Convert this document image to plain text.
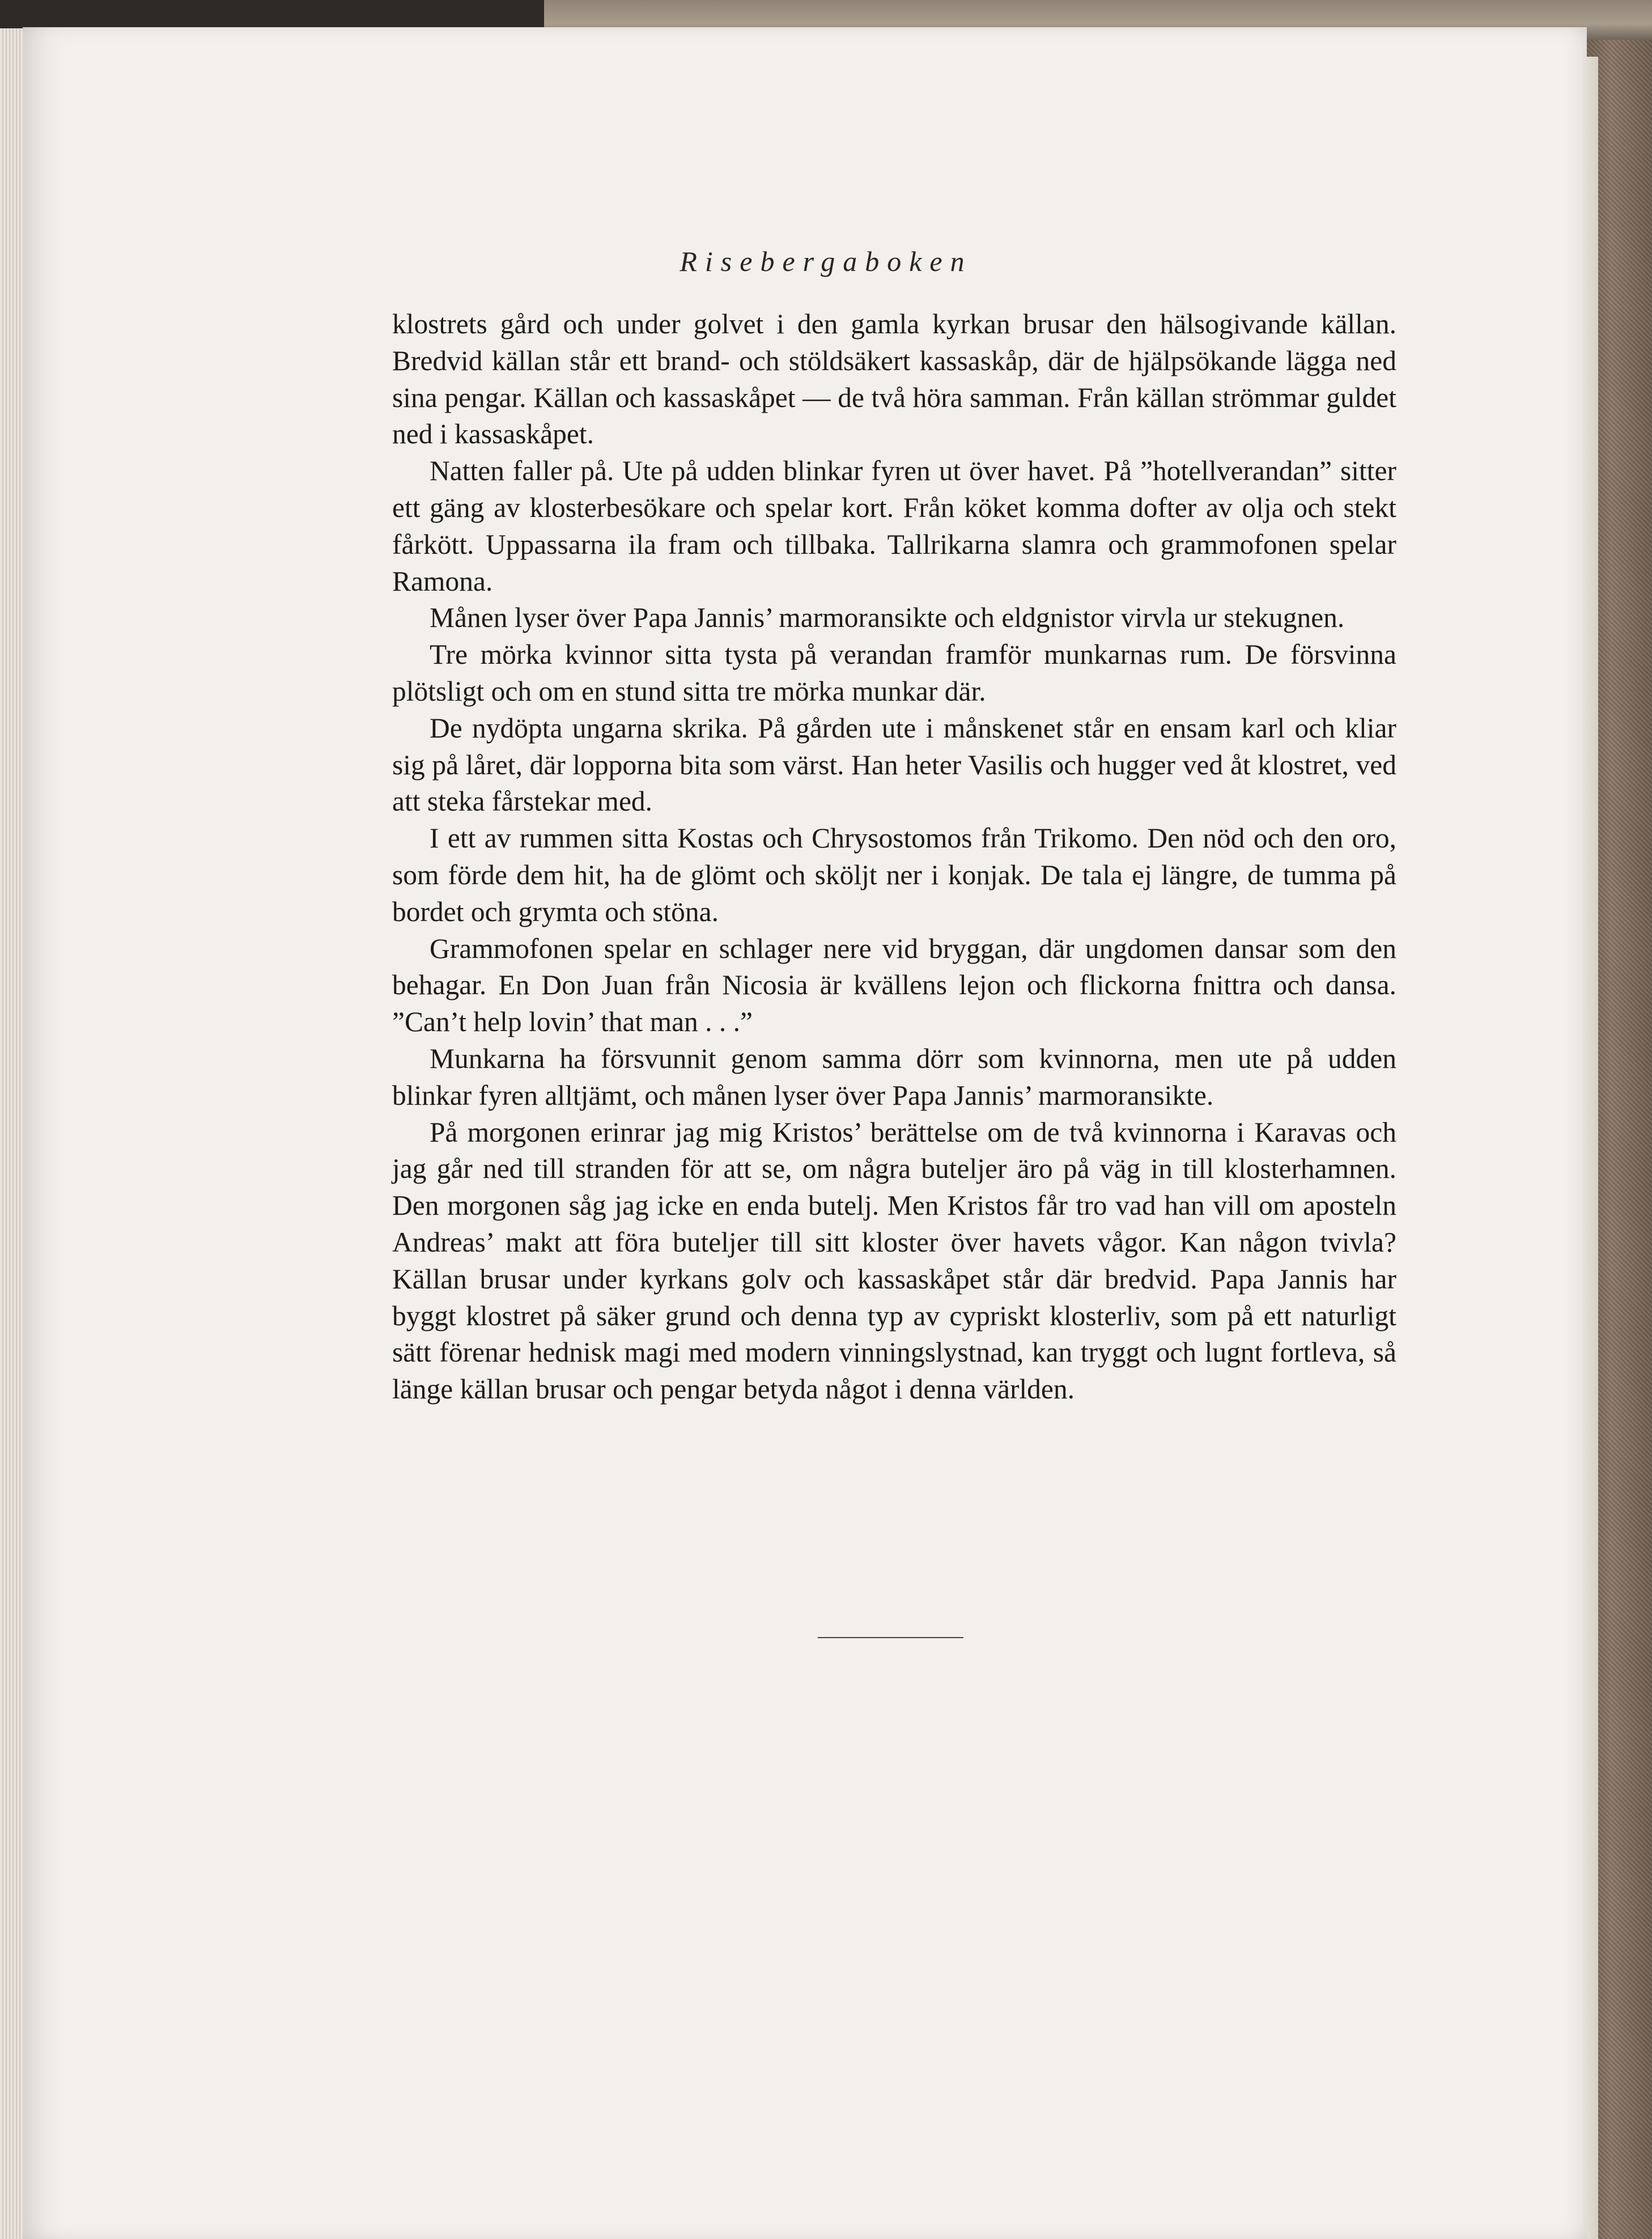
Risebergaboken

klostrets gård och under golvet i den gamla kyrkan brusar den hälsogivande källan. Bredvid källan står ett brand- och stöldsäkert kassaskåp, där de hjälpsökande lägga ned sina pengar. Källan och kassaskåpet — de två höra samman. Från källan strömmar guldet ned i kassaskåpet.

Natten faller på. Ute på udden blinkar fyren ut över havet. På ”hotellverandan” sitter ett gäng av klosterbesökare och spelar kort. Från köket komma dofter av olja och stekt fårkött. Uppassarna ila fram och tillbaka. Tallrikarna slamra och grammofonen spelar Ramona.

Månen lyser över Papa Jannis’ marmoransikte och eldgnistor virvla ur stekugnen.

Tre mörka kvinnor sitta tysta på verandan framför munkarnas rum. De försvinna plötsligt och om en stund sitta tre mörka munkar där.

De nydöpta ungarna skrika. På gården ute i månskenet står en ensam karl och kliar sig på låret, där lopporna bita som värst. Han heter Vasilis och hugger ved åt klostret, ved att steka fårstekar med.

I ett av rummen sitta Kostas och Chrysostomos från Trikomo. Den nöd och den oro, som förde dem hit, ha de glömt och sköljt ner i konjak. De tala ej längre, de tumma på bordet och grymta och stöna.

Grammofonen spelar en schlager nere vid bryggan, där ungdomen dansar som den behagar. En Don Juan från Nicosia är kvällens lejon och flickorna fnittra och dansa. ”Can’t help lovin’ that man . . .”

Munkarna ha försvunnit genom samma dörr som kvinnorna, men ute på udden blinkar fyren alltjämt, och månen lyser över Papa Jannis’ marmoransikte.

På morgonen erinrar jag mig Kristos’ berättelse om de två kvinnorna i Karavas och jag går ned till stranden för att se, om några buteljer äro på väg in till klosterhamnen. Den morgonen såg jag icke en enda butelj. Men Kristos får tro vad han vill om aposteln Andreas’ makt att föra buteljer till sitt kloster över havets vågor. Kan någon tvivla? Källan brusar under kyrkans golv och kassaskåpet står där bredvid. Papa Jannis har byggt klostret på säker grund och denna typ av cypriskt klosterliv, som på ett naturligt sätt förenar hednisk magi med modern vinningslystnad, kan tryggt och lugnt fortleva, så länge källan brusar och pengar betyda något i denna världen.
